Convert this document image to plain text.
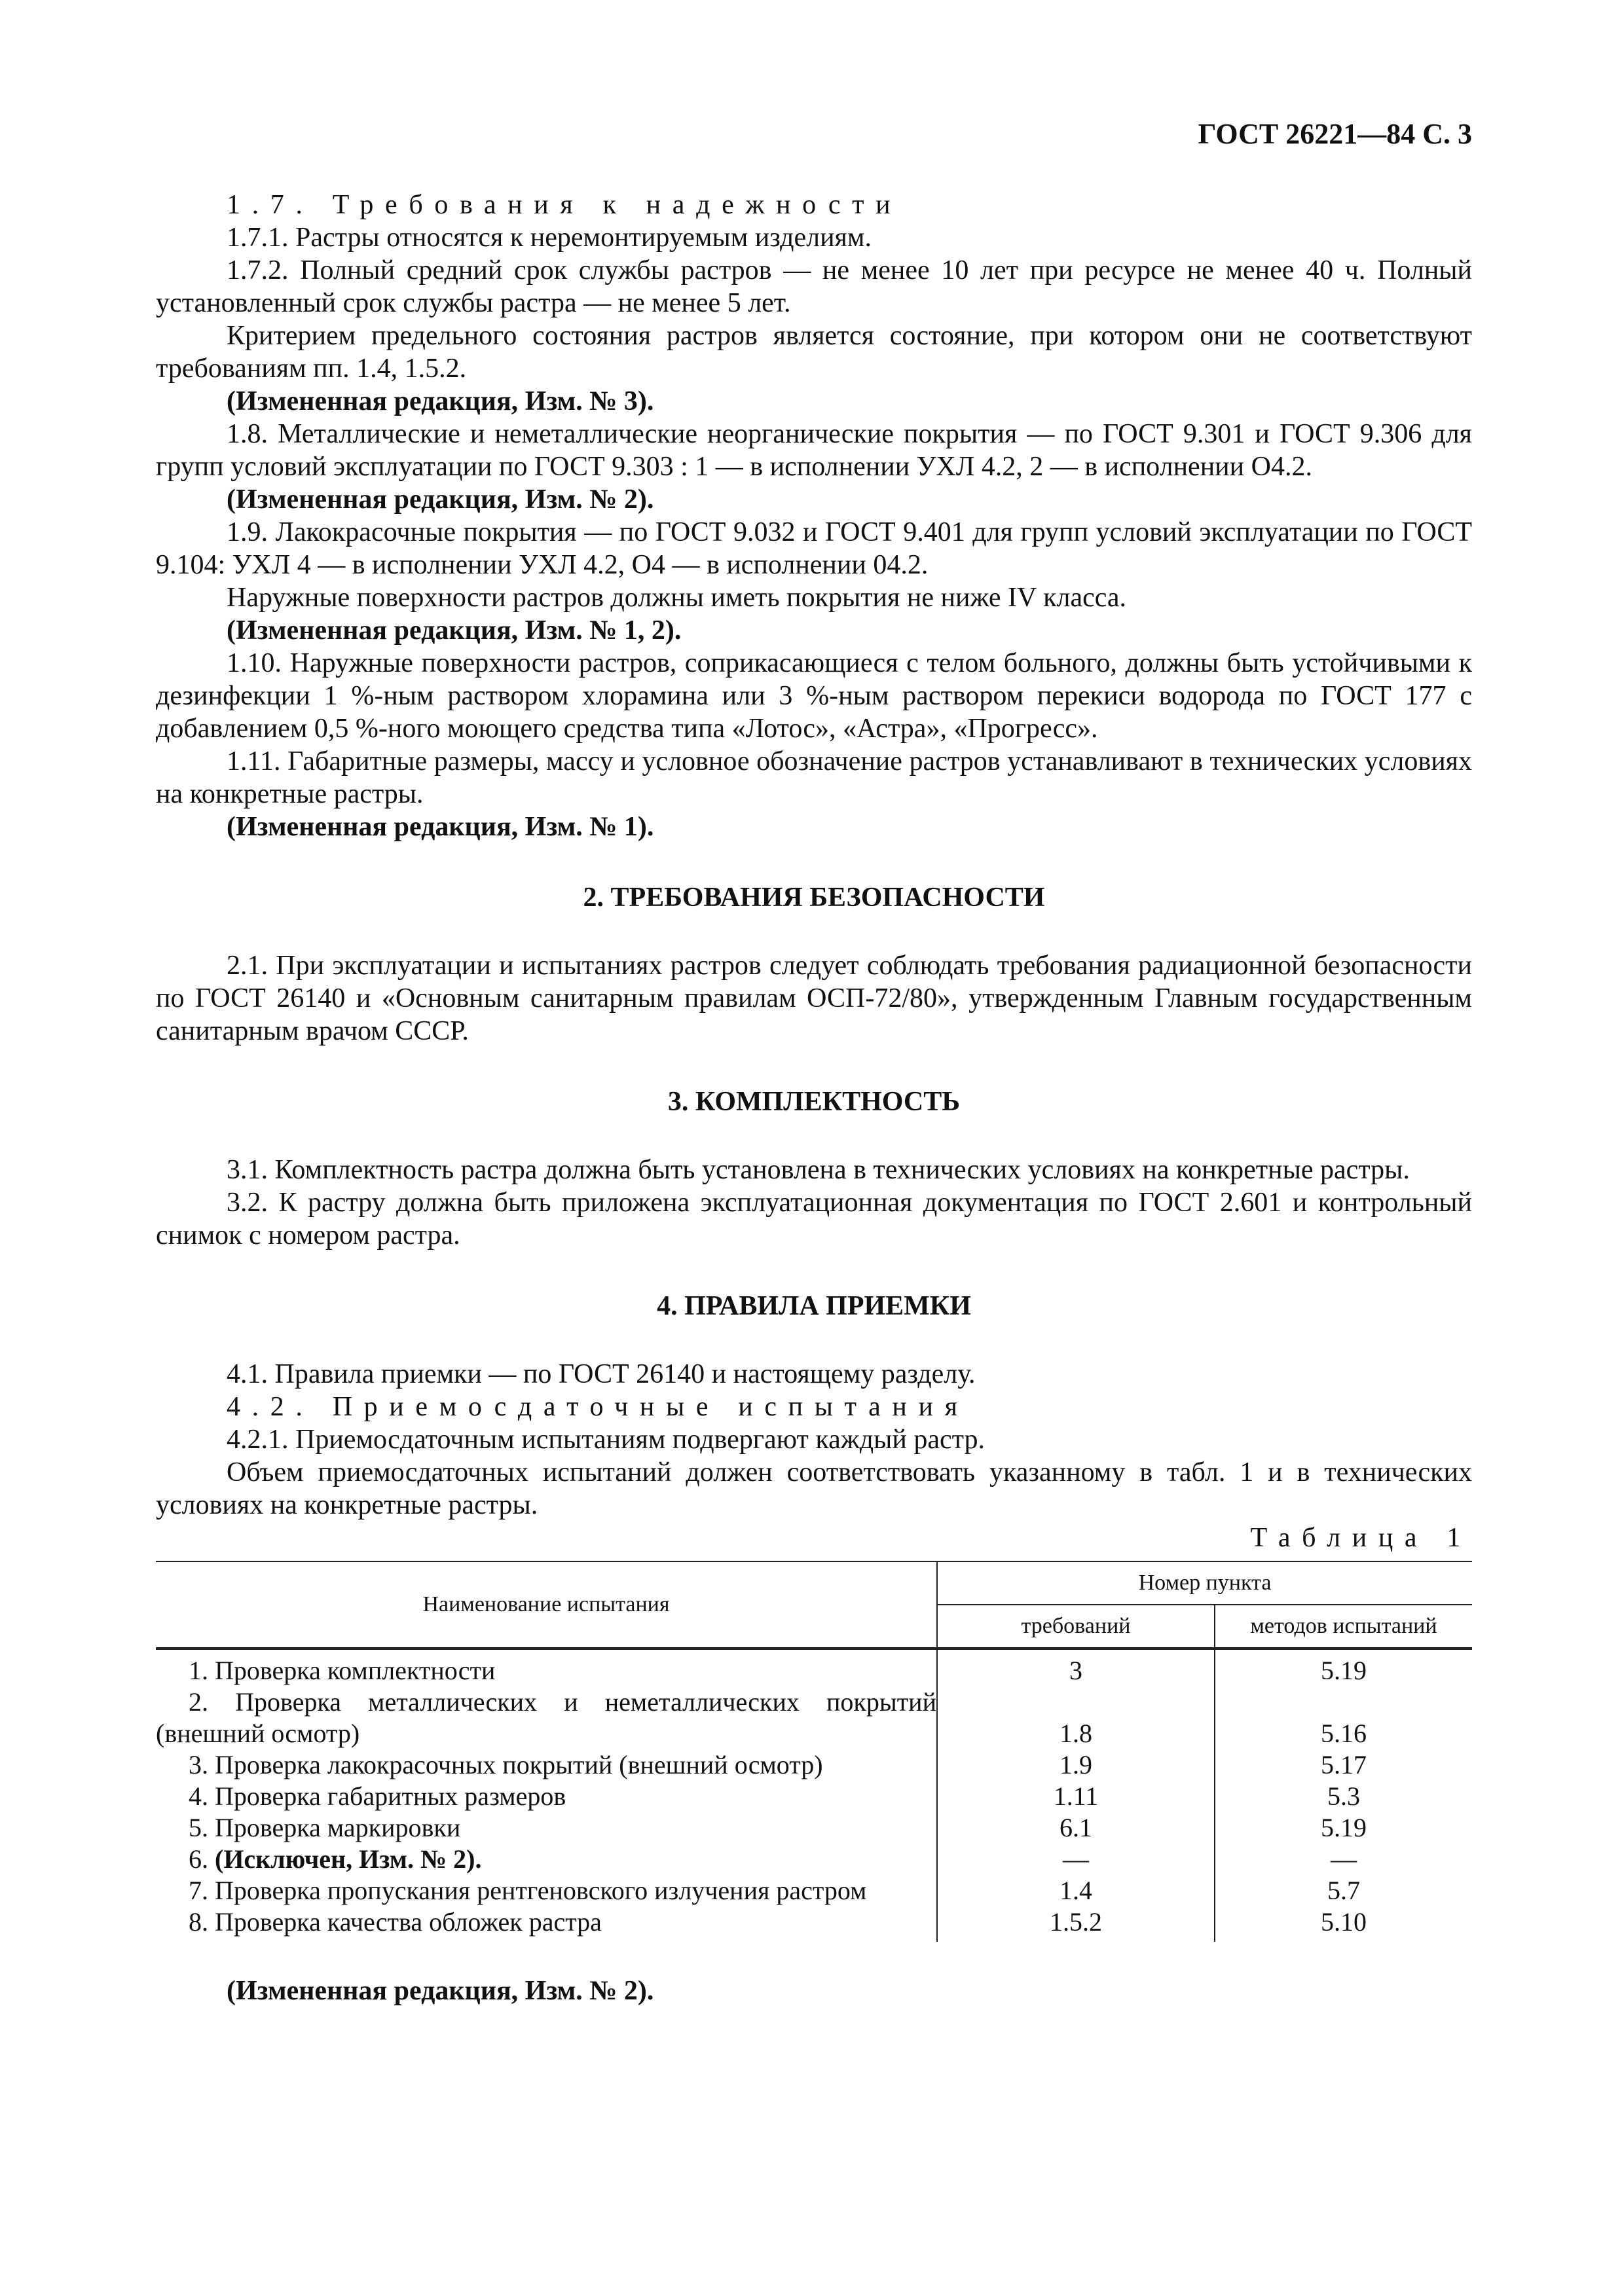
ГОСТ 26221—84 С. 3

1.7. Требования к надежности

1.7.1. Растры относятся к неремонтируемым изделиям.

1.7.2. Полный средний срок службы растров — не менее 10 лет при ресурсе не менее 40 ч. Полный установленный срок службы растра — не менее 5 лет.

Критерием предельного состояния растров является состояние, при котором они не соответствуют требованиям пп. 1.4, 1.5.2.

(Измененная редакция, Изм. № 3).

1.8. Металлические и неметаллические неорганические покрытия — по ГОСТ 9.301 и ГОСТ 9.306 для групп условий эксплуатации по ГОСТ 9.303 : 1 — в исполнении УХЛ 4.2, 2 — в исполнении О4.2.

(Измененная редакция, Изм. № 2).

1.9. Лакокрасочные покрытия — по ГОСТ 9.032 и ГОСТ 9.401 для групп условий эксплуатации по ГОСТ 9.104: УХЛ 4 — в исполнении УХЛ 4.2, О4 — в исполнении 04.2.

Наружные поверхности растров должны иметь покрытия не ниже IV класса.

(Измененная редакция, Изм. № 1, 2).

1.10. Наружные поверхности растров, соприкасающиеся с телом больного, должны быть устойчивыми к дезинфекции 1 %-ным раствором хлорамина или 3 %-ным раствором перекиси водорода по ГОСТ 177 с добавлением 0,5 %-ного моющего средства типа «Лотос», «Астра», «Прогресс».

1.11. Габаритные размеры, массу и условное обозначение растров устанавливают в технических условиях на конкретные растры.

(Измененная редакция, Изм. № 1).

2. ТРЕБОВАНИЯ БЕЗОПАСНОСТИ

2.1. При эксплуатации и испытаниях растров следует соблюдать требования радиационной безопасности по ГОСТ 26140 и «Основным санитарным правилам ОСП-72/80», утвержденным Главным государственным санитарным врачом СССР.

3. КОМПЛЕКТНОСТЬ

3.1. Комплектность растра должна быть установлена в технических условиях на конкретные растры.

3.2. К растру должна быть приложена эксплуатационная документация по ГОСТ 2.601 и контрольный снимок с номером растра.

4. ПРАВИЛА ПРИЕМКИ

4.1. Правила приемки — по ГОСТ 26140 и настоящему разделу.

4.2. Приемосдаточные испытания

4.2.1. Приемосдаточным испытаниям подвергают каждый растр.

Объем приемосдаточных испытаний должен соответствовать указанному в табл. 1 и в технических условиях на конкретные растры.

Таблица 1

Наименование испытания	Номер пункта	
	требований	методов испытаний
1. Проверка комплектности	3	5.19
2. Проверка металлических и неметаллических покрытий (внешний осмотр)	1.8	5.16
3. Проверка лакокрасочных покрытий (внешний осмотр)	1.9	5.17
4. Проверка габаритных размеров	1.11	5.3
5. Проверка маркировки	6.1	5.19
6. (Исключен, Изм. № 2).	—	—
7. Проверка пропускания рентгеновского излучения растром	1.4	5.7
8. Проверка качества обложек растра	1.5.2	5.10

(Измененная редакция, Изм. № 2).
